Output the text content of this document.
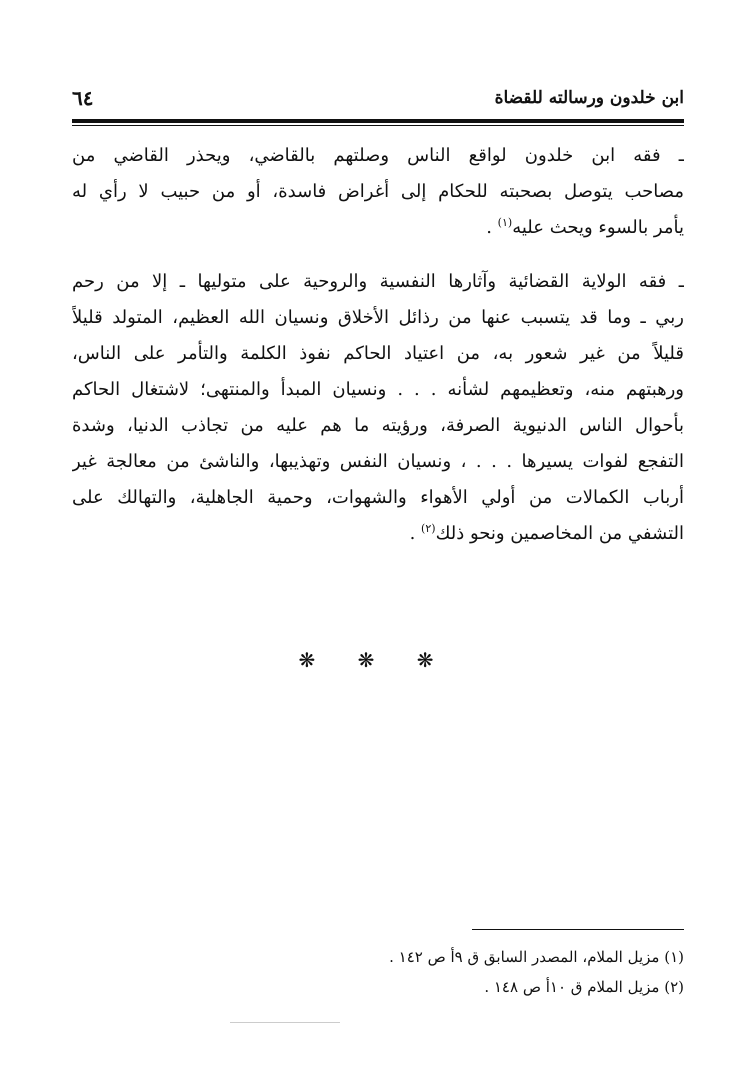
ابن خلدون ورسالته للقضاة
٦٤
ـ فقه ابن خلدون لواقع الناس وصلتهم بالقاضي، ويحذر القاضي من
مصاحب يتوصل بصحبته للحكام إلى أغراض فاسدة، أو من حبيب لا رأي له
يأمر بالسوء ويحث عليه$^{(١)}$ .
ـ فقه الولاية القضائية وآثارها النفسية والروحية على متوليها ـ إلا من رحم
ربي ـ وما قد يتسبب عنها من رذائل الأخلاق ونسيان الله العظيم، المتولد قليلاً
قليلاً من غير شعور به، من اعتياد الحاكم نفوذ الكلمة والتأمر على الناس،
ورهبتهم منه، وتعظيمهم لشأنه . . . ونسيان المبدأ والمنتهى؛ لاشتغال الحاكم
بأحوال الناس الدنيوية الصرفة، ورؤيته ما هم عليه من تجاذب الدنيا، وشدة
التفجع لفوات يسيرها . . . ، ونسيان النفس وتهذيبها، والناشئ من معالجة غير
أرباب الكمالات من أولي الأهواء والشهوات، وحمية الجاهلية، والتهالك على
التشفي من المخاصمين ونحو ذلك$^{(٢)}$ .
❋ ❋ ❋
(١) مزيل الملام، المصدر السابق ق ٩أ ص ١٤٢ .
(٢) مزيل الملام ق ١٠أ ص ١٤٨ .
